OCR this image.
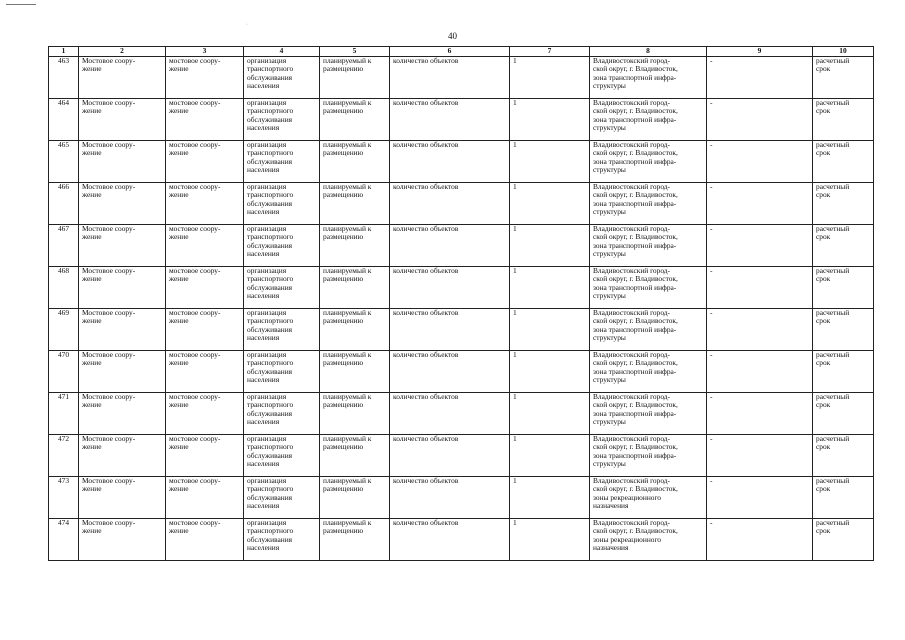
·
40
1	2	3	4	5	6	7	8	9	10
463	Мостовое соору-
жение	мостовое соору-
жение	организация
транспортного
обслуживания
населения	планируемый к
размещению	количество объектов	1	Владивостокский город-
ской округ, г. Владивосток,
зона транспортной инфра-
структуры	-	расчетный
срок
464	Мостовое соору-
жение	мостовое соору-
жение	организация
транспортного
обслуживания
населения	планируемый к
размещению	количество объектов	1	Владивостокский город-
ской округ, г. Владивосток,
зона транспортной инфра-
структуры	-	расчетный
срок
465	Мостовое соору-
жение	мостовое соору-
жение	организация
транспортного
обслуживания
населения	планируемый к
размещению	количество объектов	1	Владивостокский город-
ской округ, г. Владивосток,
зона транспортной инфра-
структуры	-	расчетный
срок
466	Мостовое соору-
жение	мостовое соору-
жение	организация
транспортного
обслуживания
населения	планируемый к
размещению	количество объектов	1	Владивостокский город-
ской округ, г. Владивосток,
зона транспортной инфра-
структуры	-	расчетный
срок
467	Мостовое соору-
жение	мостовое соору-
жение	организация
транспортного
обслуживания
населения	планируемый к
размещению	количество объектов	1	Владивостокский город-
ской округ, г. Владивосток,
зона транспортной инфра-
структуры	-	расчетный
срок
468	Мостовое соору-
жение	мостовое соору-
жение	организация
транспортного
обслуживания
населения	планируемый к
размещению	количество объектов	1	Владивостокский город-
ской округ, г. Владивосток,
зона транспортной инфра-
структуры	-	расчетный
срок
469	Мостовое соору-
жение	мостовое соору-
жение	организация
транспортного
обслуживания
населения	планируемый к
размещению	количество объектов	1	Владивостокский город-
ской округ, г. Владивосток,
зона транспортной инфра-
структуры	-	расчетный
срок
470	Мостовое соору-
жение	мостовое соору-
жение	организация
транспортного
обслуживания
населения	планируемый к
размещению	количество объектов	1	Владивостокский город-
ской округ, г. Владивосток,
зона транспортной инфра-
структуры	-	расчетный
срок
471	Мостовое соору-
жение	мостовое соору-
жение	организация
транспортного
обслуживания
населения	планируемый к
размещению	количество объектов	1	Владивостокский город-
ской округ, г. Владивосток,
зона транспортной инфра-
структуры	-	расчетный
срок
472	Мостовое соору-
жение	мостовое соору-
жение	организация
транспортного
обслуживания
населения	планируемый к
размещению	количество объектов	1	Владивостокский город-
ской округ, г. Владивосток,
зона транспортной инфра-
структуры	-	расчетный
срок
473	Мостовое соору-
жение	мостовое соору-
жение	организация
транспортного
обслуживания
населения	планируемый к
размещению	количество объектов	1	Владивостокский город-
ской округ, г. Владивосток,
зоны рекреационного
назначения	-	расчетный
срок
474	Мостовое соору-
жение	мостовое соору-
жение	организация
транспортного
обслуживания
населения	планируемый к
размещению	количество объектов	1	Владивостокский город-
ской округ, г. Владивосток,
зоны рекреационного
назначения	-	расчетный
срок
